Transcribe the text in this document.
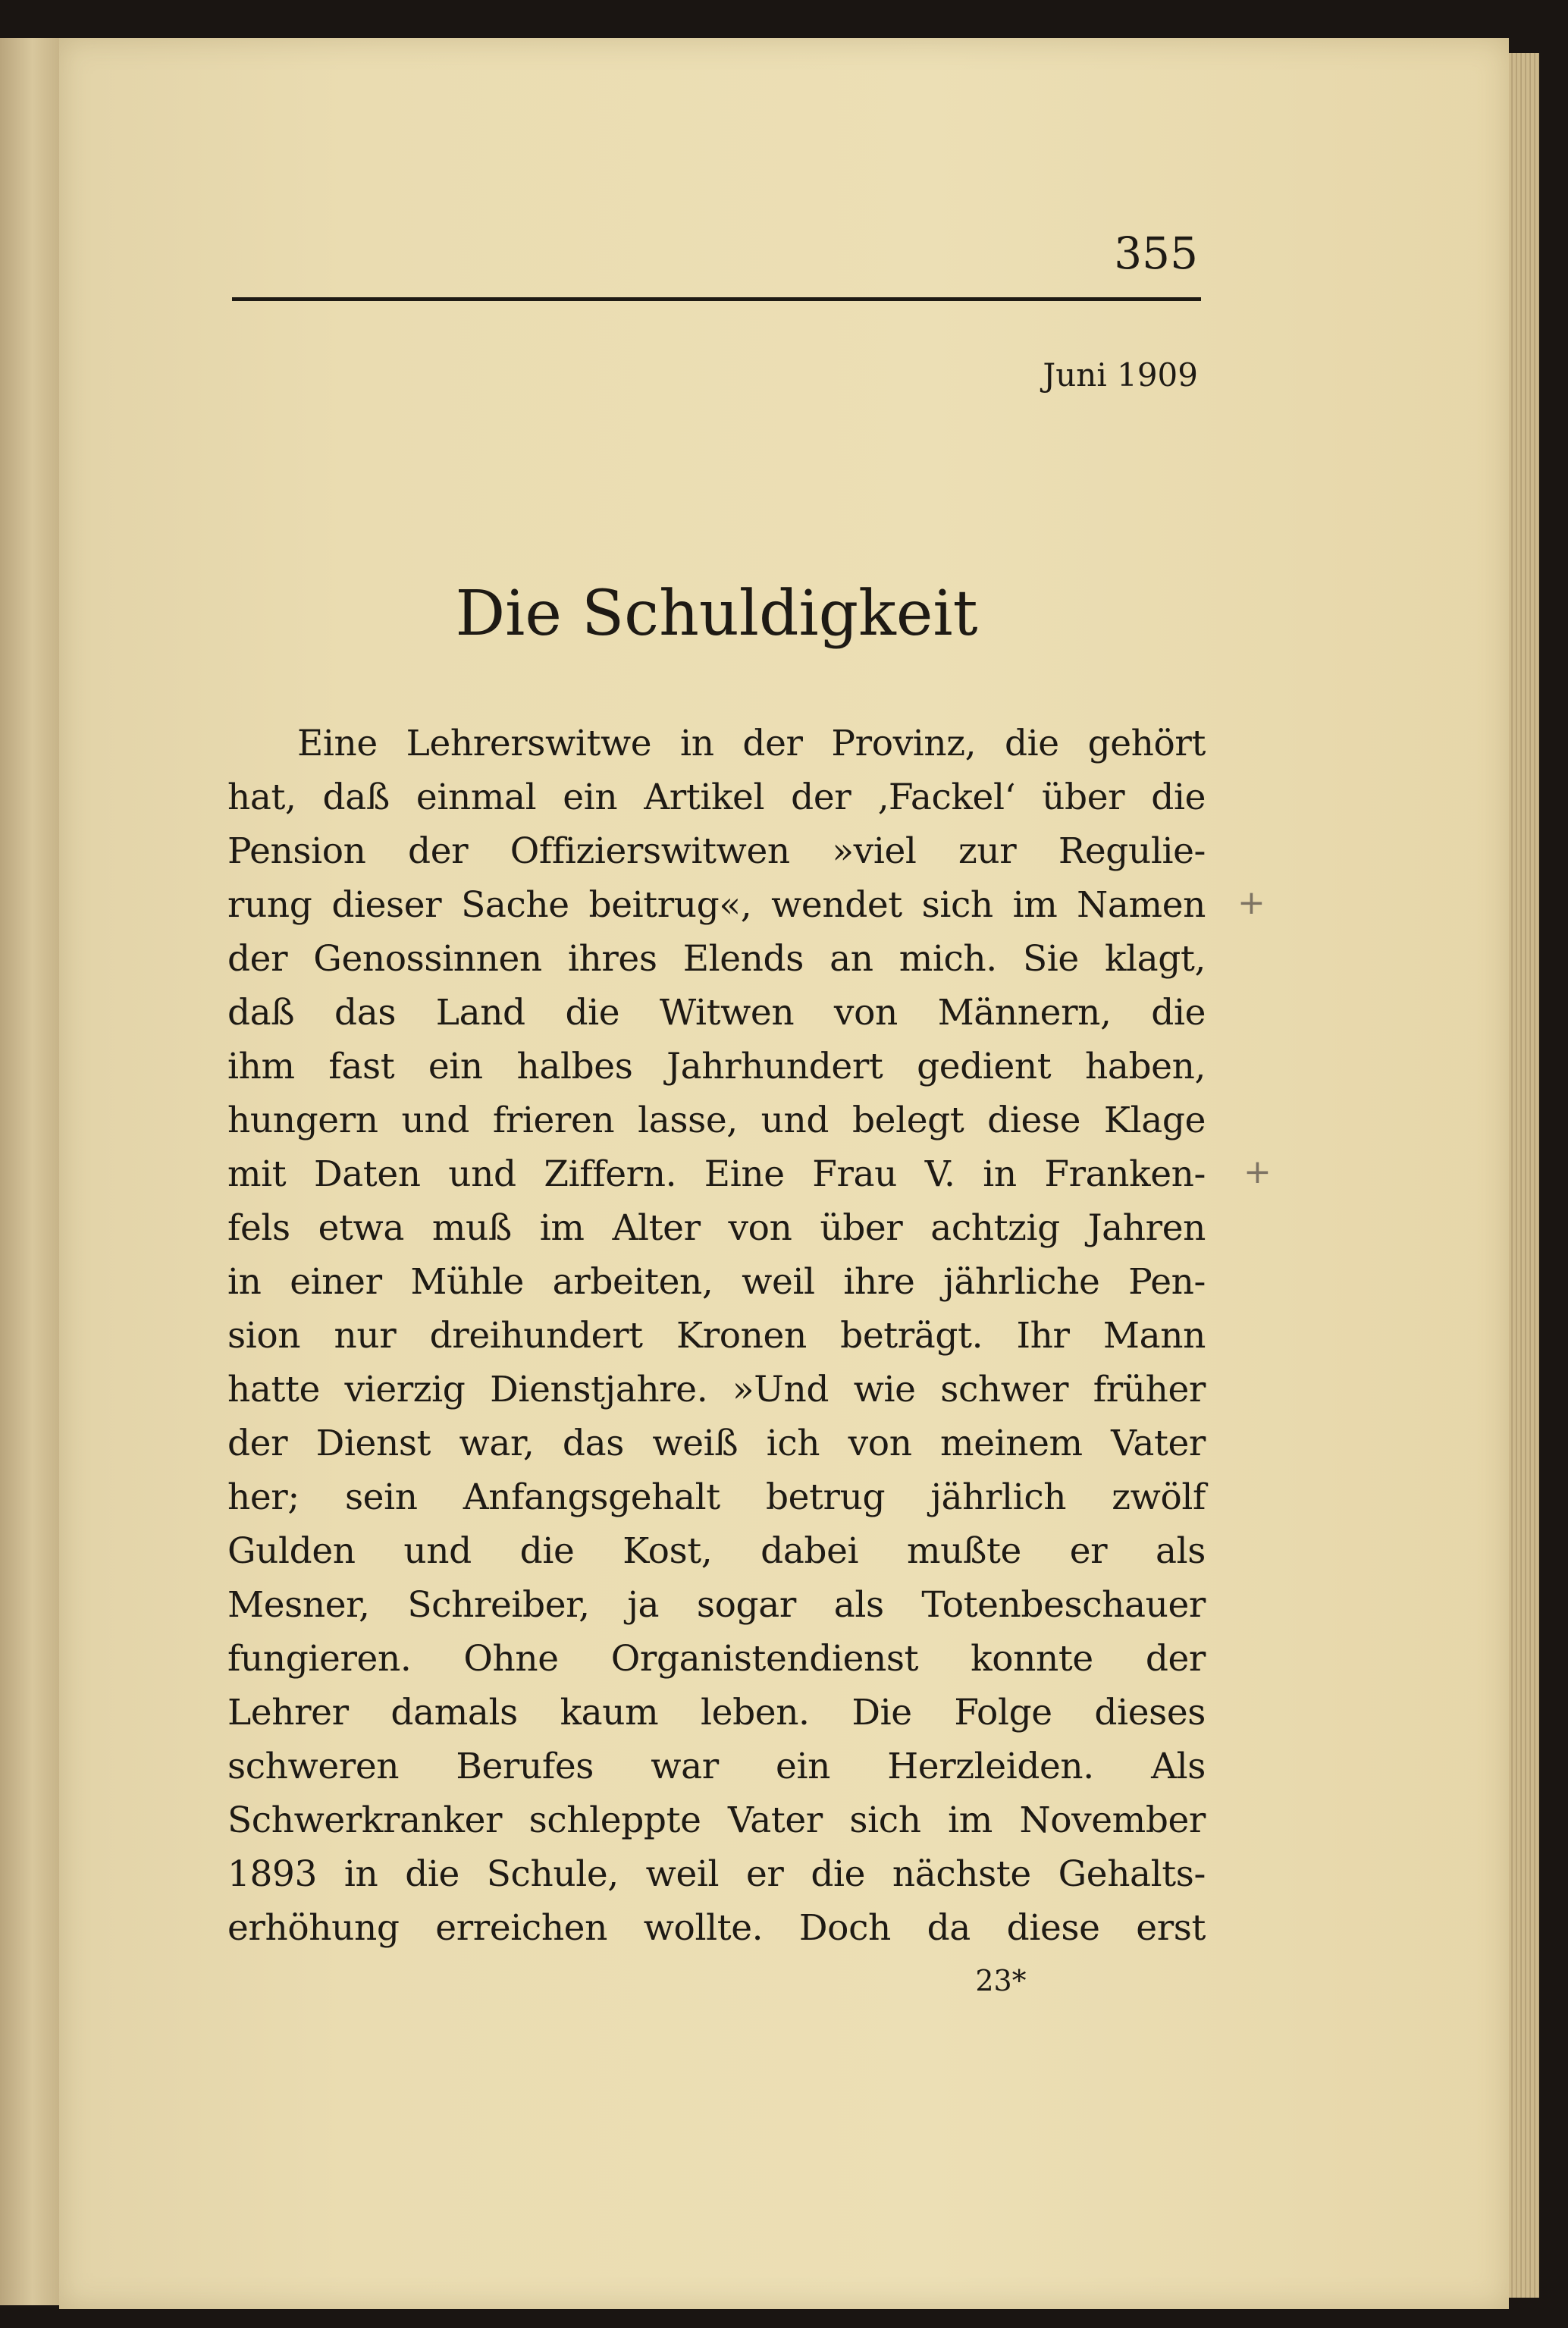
355
Juni 1909
Die Schuldigkeit
Eine Lehrerswitwe in der Provinz, die gehört
hat, daß einmal ein Artikel der ‚Fackel‘ über die
Pension der Offizierswitwen »viel zur Regulie-
rung dieser Sache beitrug«, wendet sich im Namen
der Genossinnen ihres Elends an mich. Sie klagt,
daß das Land die Witwen von Männern, die
ihm fast ein halbes Jahrhundert gedient haben,
hungern und frieren lasse, und belegt diese Klage
mit Daten und Ziffern. Eine Frau V. in Franken-
fels etwa muß im Alter von über achtzig Jahren
in einer Mühle arbeiten, weil ihre jährliche Pen-
sion nur dreihundert Kronen beträgt. Ihr Mann
hatte vierzig Dienstjahre. »Und wie schwer früher
der Dienst war, das weiß ich von meinem Vater
her; sein Anfangsgehalt betrug jährlich zwölf
Gulden und die Kost, dabei mußte er als
Mesner, Schreiber, ja sogar als Totenbeschauer
fungieren. Ohne Organistendienst konnte der
Lehrer damals kaum leben. Die Folge dieses
schweren Berufes war ein Herzleiden. Als
Schwerkranker schleppte Vater sich im November
1893 in die Schule, weil er die nächste Gehalts-
erhöhung erreichen wollte. Doch da diese erst
23*
+
+
